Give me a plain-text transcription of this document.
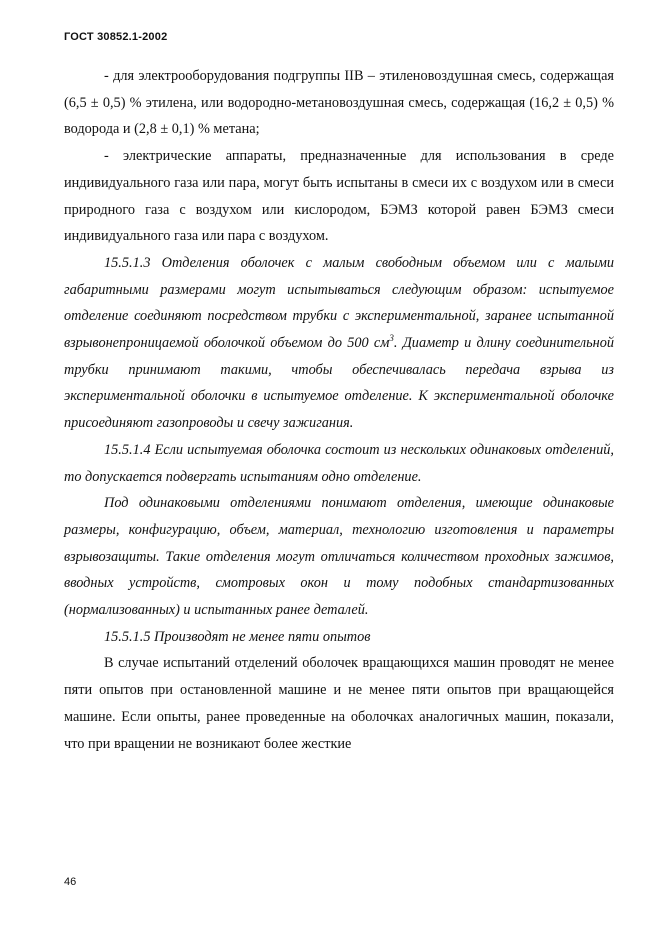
ГОСТ 30852.1-2002

- для электрооборудования подгруппы IIВ – этиленовоздушная смесь, содержащая (6,5 ± 0,5) % этилена, или водородно-метановоздушная смесь, содержащая (16,2 ± 0,5) % водорода и (2,8 ± 0,1) % метана;

- электрические аппараты, предназначенные для использования в среде индивидуального газа или пара, могут быть испытаны в смеси их с воздухом или в смеси природного газа с воздухом или кислородом, БЭМЗ которой равен БЭМЗ смеси индивидуального газа или пара с воздухом.

15.5.1.3 Отделения оболочек с малым свободным объемом или с малыми габаритными размерами могут испытываться следующим образом: испытуемое отделение соединяют посредством трубки с экспериментальной, заранее испытанной взрывонепроницаемой оболочкой объемом до 500 $см^3$. Диаметр и длину соединительной трубки принимают такими, чтобы обеспечивалась передача взрыва из экспериментальной оболочки в испытуемое отделение. К экспериментальной оболочке присоединяют газопроводы и свечу зажигания.

15.5.1.4 Если испытуемая оболочка состоит из нескольких одинаковых отделений, то допускается подвергать испытаниям одно отделение.

Под одинаковыми отделениями понимают отделения, имеющие одинаковые размеры, конфигурацию, объем, материал, технологию изготовления и параметры взрывозащиты. Такие отделения могут отличаться количеством проходных зажимов, вводных устройств, смотровых окон и тому подобных стандартизованных (нормализованных) и испытанных ранее деталей.

15.5.1.5 Производят не менее пяти опытов

В случае испытаний отделений оболочек вращающихся машин проводят не менее пяти опытов при остановленной машине и не менее пяти опытов при вращающейся машине. Если опыты, ранее проведенные на оболочках аналогичных машин, показали, что при вращении не возникают более жесткие

46
